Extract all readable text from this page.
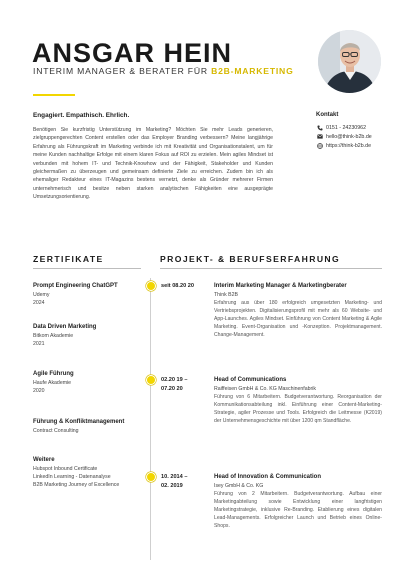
ANSGAR HEIN
INTERIM MANAGER & BERATER FÜR B2B-MARKETING
Engagiert. Empathisch. Ehrlich.

Benötigen Sie kurzfristig Unterstützung im Marketing? Möchten Sie mehr Leads generieren, zielgruppengerechten Content erstellen oder das Employer Branding verbessern? Meine langjährige Erfahrung als Führungskraft im Marketing verbinde ich mit Kreativität und Organisationstalent, um für meine Kunden nachhaltige Erfolge mit einem klaren Fokus auf ROI zu erzielen. Mein agiles Mindset ist verbunden mit hohem IT- und Technik-Knowhow und der Fähigkeit, Stakeholder und Kunden gleichermaßen zu überzeugen und gemeinsam definierte Ziele zu erreichen. Zudem bin ich als ehemaliger Redakteur eines IT-Magazins bestens vernetzt, denke als Gründer mehrerer Firmen unternehmerisch und besitze neben starken analytischen Fähigkeiten eine ausgeprägte Umsetzungsorientierung.

Kontakt
0151 - 24230962
hello@think-b2b.de
https://think-b2b.de
ZERTIFIKATE	PROJEKT- & BERUFSERFAHRUNG
Prompt Engineering ChatGPT
Udemy
2024
Data Driven Marketing
Bitkom Akademie
2021
Agile Führung
Haufe Akademie
2020
Führung & Konfliktmanagement
Contract Consulting
Weitere
Hubspot Inbound Certificate
LinkedIn Learning - Datenanalyse
B2B Marketing Journey of Excellence
seit 08.20 20	Interim Marketing Manager & Marketingberater
Think B2B
Erfahrung aus über 180 erfolgreich umgesetzten Marketing- und Vertriebsprojekten. Digitalisierungsprofil mit mehr als 60 Website- und App-Launches. Agiles Mindset. Einführung von Content Marketing & Agile Marketing. Event-Organisation und -Konzeption. Projektmanagement. Change-Management.
02.20 19 –
07.20 20
Head of Communications
Raiffeisen GmbH & Co. KG Maschinenfabrik
Führung von 6 Mitarbeitern. Budgetverantwortung. Reorganisation der Kommunikationsabteilung inkl. Einführung einer Content-Marketing-Strategie, agiler Prozesse und Tools. Erfolgreich die Leitmesse (K2019) der Unternehmensgeschichte mit über 1200 qm Standfläche.
10. 2014 –
02. 2019
Head of Innovation & Communication
Isey GmbH & Co. KG
Führung von 2 Mitarbeitern. Budgetverantwortung. Aufbau einer Marketingabteilung sowie Entwicklung einer langfristigen Marketingstrategie, inklusive Re-Branding. Etablierung eines digitalen Lead-Managements. Erfolgreicher Launch und Betrieb eines Online-Shops.
